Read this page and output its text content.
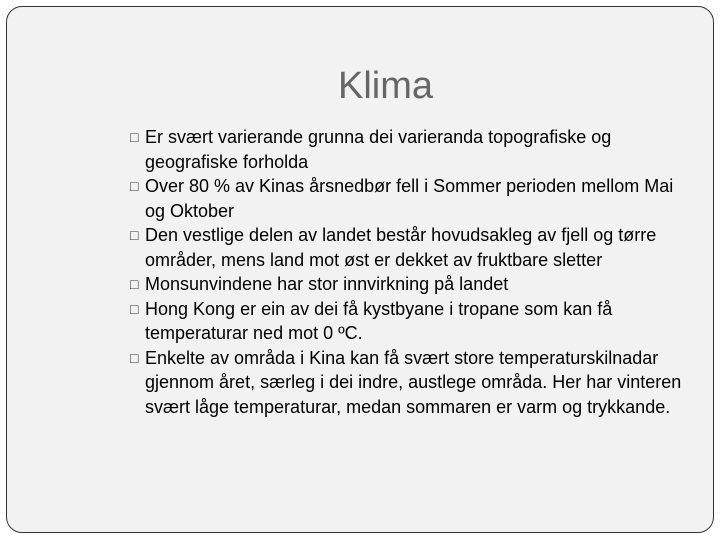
Klima
□ Er svært varierande grunna dei varieranda topografiske og geografiske forholda
□ Over 80 % av Kinas årsnedbør fell i Sommer perioden mellom Mai og Oktober
□ Den vestlige delen av landet består hovudsakleg av fjell og tørre områder, mens land mot øst er dekket av fruktbare sletter
□ Monsunvindene har stor innvirkning på landet
□ Hong Kong er ein av dei få kystbyane i tropane som kan få temperaturar ned mot 0 ºC.
□ Enkelte av områda i Kina kan få svært store temperaturskilnadar gjennom året, særleg i dei indre, austlege områda. Her har vinteren svært låge temperaturar, medan sommaren er varm og trykkande.
